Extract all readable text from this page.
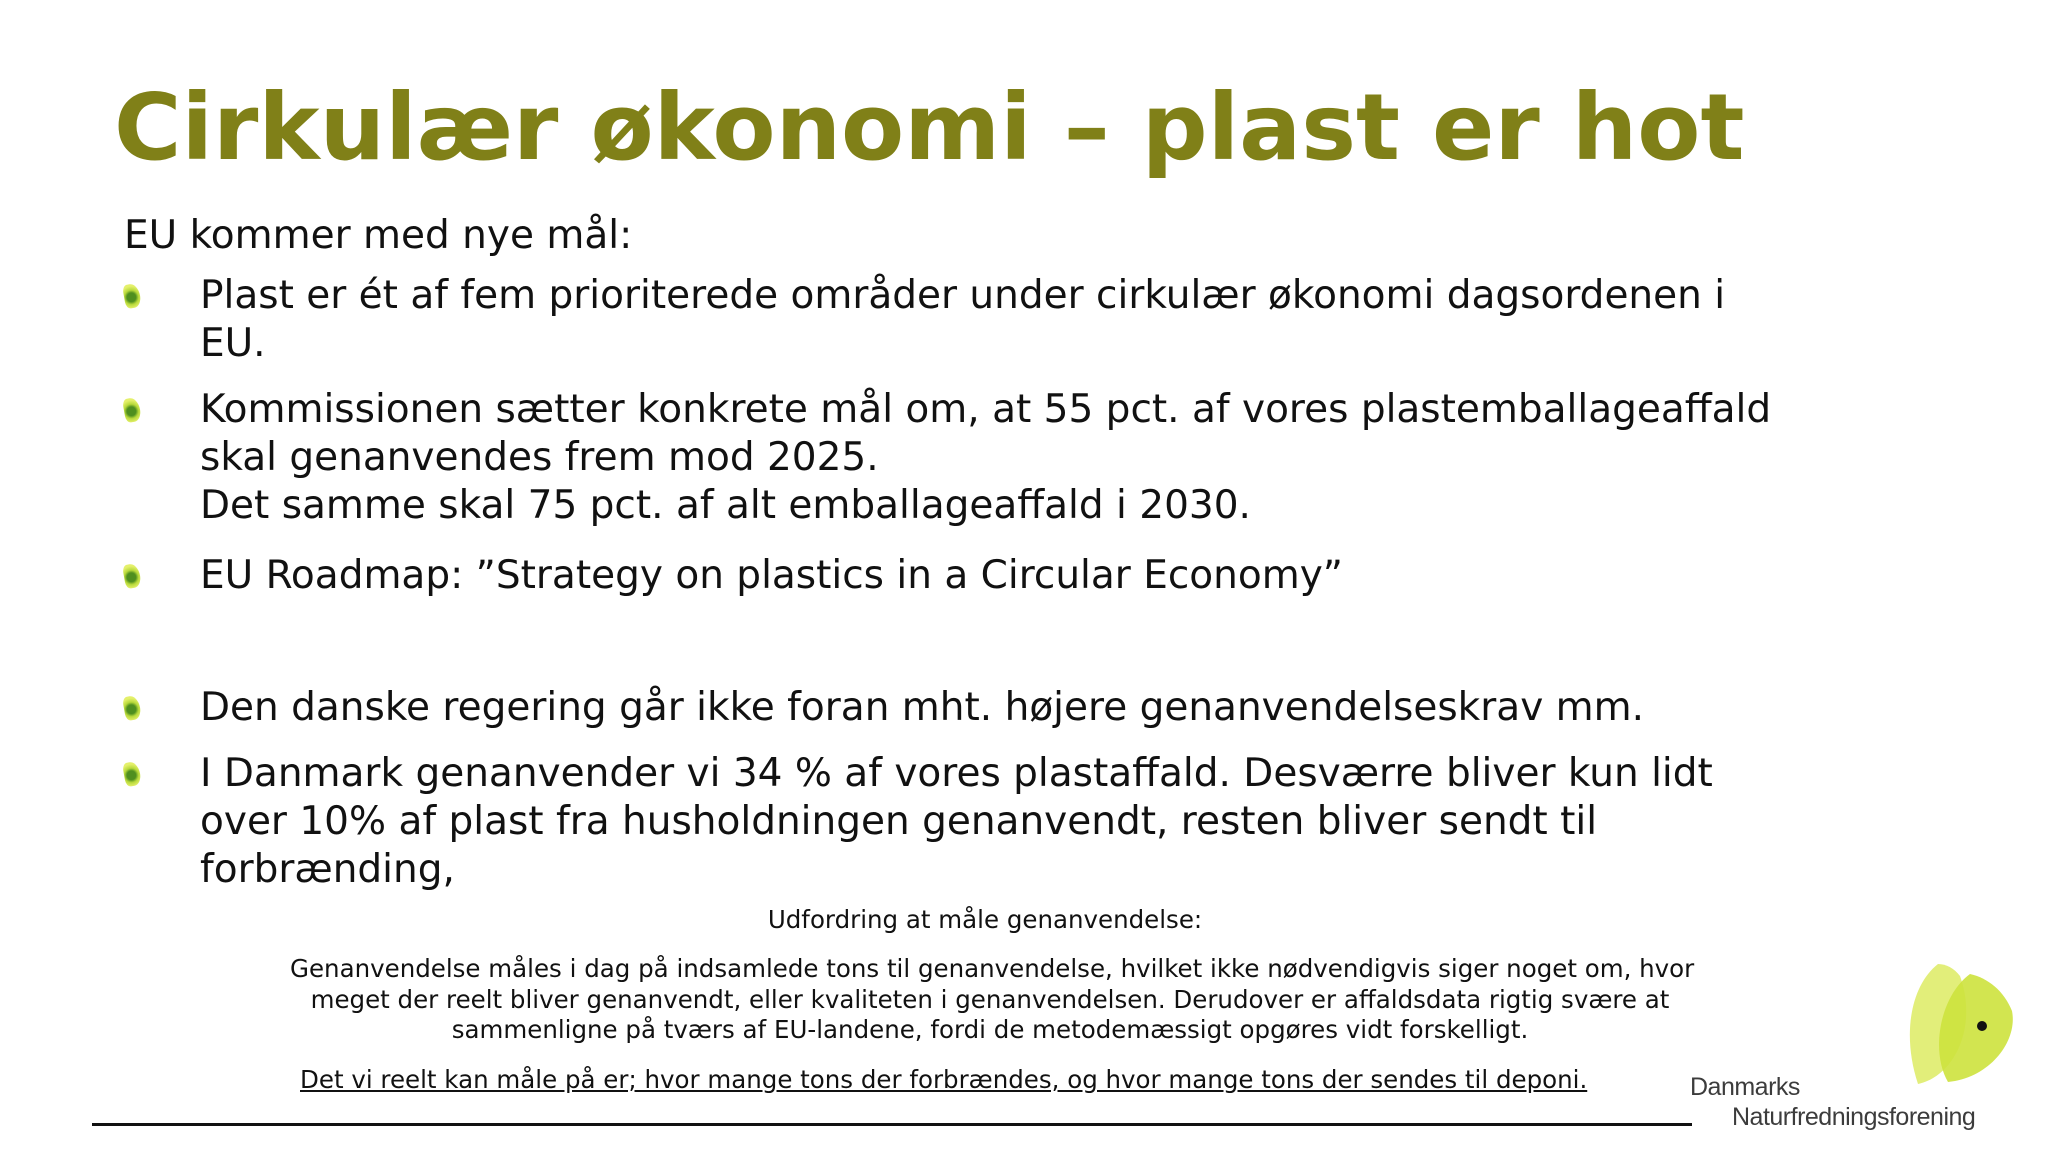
Cirkulær økonomi – plast er hot
EU kommer med nye mål:
Plast er ét af fem prioriterede områder under cirkulær økonomi dagsordenen i
EU.
Kommissionen sætter konkrete mål om, at 55 pct. af vores plastemballageaffald
skal genanvendes frem mod 2025.
Det samme skal 75 pct. af alt emballageaffald i 2030.
EU Roadmap: ”Strategy on plastics in a Circular Economy”
Den danske regering går ikke foran mht. højere genanvendelseskrav mm.
I Danmark genanvender vi 34 % af vores plastaffald. Desværre bliver kun lidt
over 10% af plast fra husholdningen genanvendt, resten bliver sendt til
forbrænding,
Udfordring at måle genanvendelse:
Genanvendelse måles i dag på indsamlede tons til genanvendelse, hvilket ikke nødvendigvis siger noget om, hvor
meget der reelt bliver genanvendt, eller kvaliteten i genanvendelsen. Derudover er affaldsdata rigtig svære at
sammenligne på tværs af EU-landene, fordi de metodemæssigt opgøres vidt forskelligt.
Det vi reelt kan måle på er; hvor mange tons der forbrændes, og hvor mange tons der sendes til deponi.	Danmarks
Naturfredningsforening
